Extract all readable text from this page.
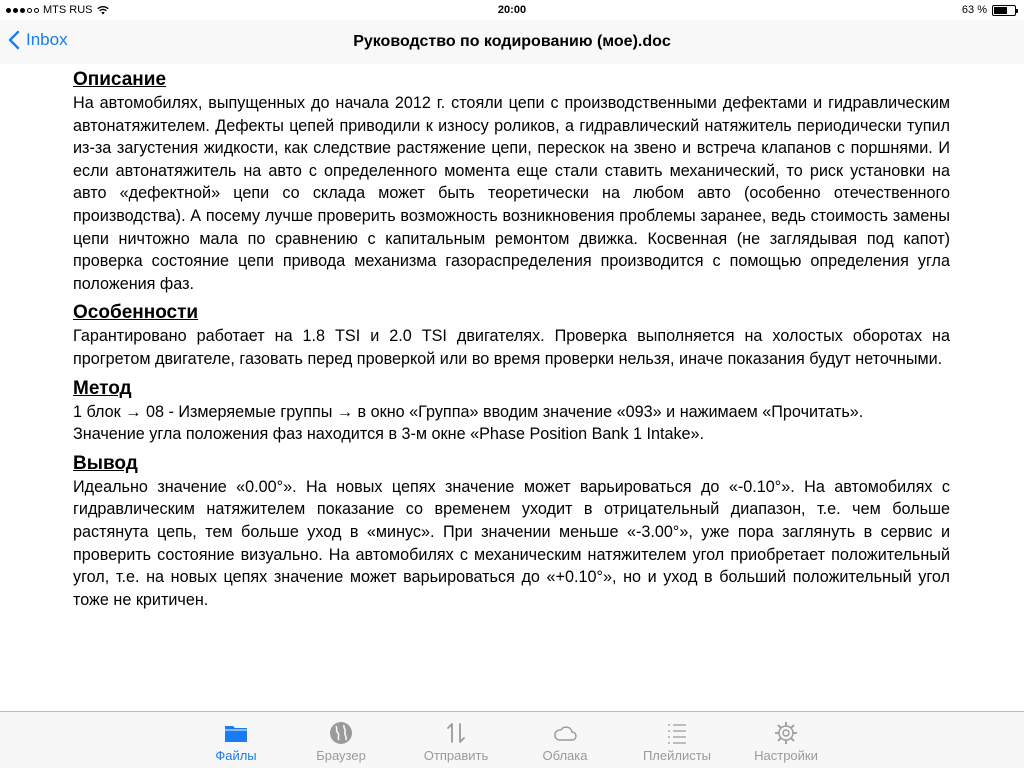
MTS RUS	20:00	63 %
Inbox	Руководство по кодированию (мое).doc
Описание

На автомобилях, выпущенных до начала 2012 г. стояли цепи с производственными дефектами и гидравлическим автонатяжителем. Дефекты цепей приводили к износу роликов, а гидравлический натяжитель периодически тупил из-за загустения жидкости, как следствие растяжение цепи, перескок на звено и встреча клапанов с поршнями. И если автонатяжитель на авто с определенного момента еще стали ставить механический, то риск установки на авто «дефектной» цепи со склада может быть теоретически на любом авто (особенно отечественного производства). А посему лучше проверить возможность возникновения проблемы заранее, ведь стоимость замены цепи ничтожно мала по сравнению с капитальным ремонтом движка. Косвенная (не заглядывая под капот) проверка состояние цепи привода механизма газораспределения производится с помощью определения угла положения фаз.

Особенности

Гарантировано работает на 1.8 TSI и 2.0 TSI двигателях. Проверка выполняется на холостых оборотах на прогретом двигателе, газовать перед проверкой или во время проверки нельзя, иначе показания будут неточными.

Метод

1 блок → 08 - Измеряемые группы → в окно «Группа» вводим значение «093» и нажимаем «Прочитать».

Значение угла положения фаз находится в 3-м окне «Phase Position Bank 1 Intake».

Вывод

Идеально значение «0.00°». На новых цепях значение может варьироваться до «-0.10°». На автомобилях с гидравлическим натяжителем показание со временем уходит в отрицательный диапазон, т.е. чем больше растянута цепь, тем больше уход в «минус». При значении меньше «-3.00°», уже пора заглянуть в сервис и проверить состояние визуально. На автомобилях с механическим натяжителем угол приобретает положительный угол, т.е. на новых цепях значение может варьироваться до «+0.10°», но и уход в больший положительный угол тоже не критичен.

Файлы	Браузер	Отправить	Облака	Плейлисты	Настройки
